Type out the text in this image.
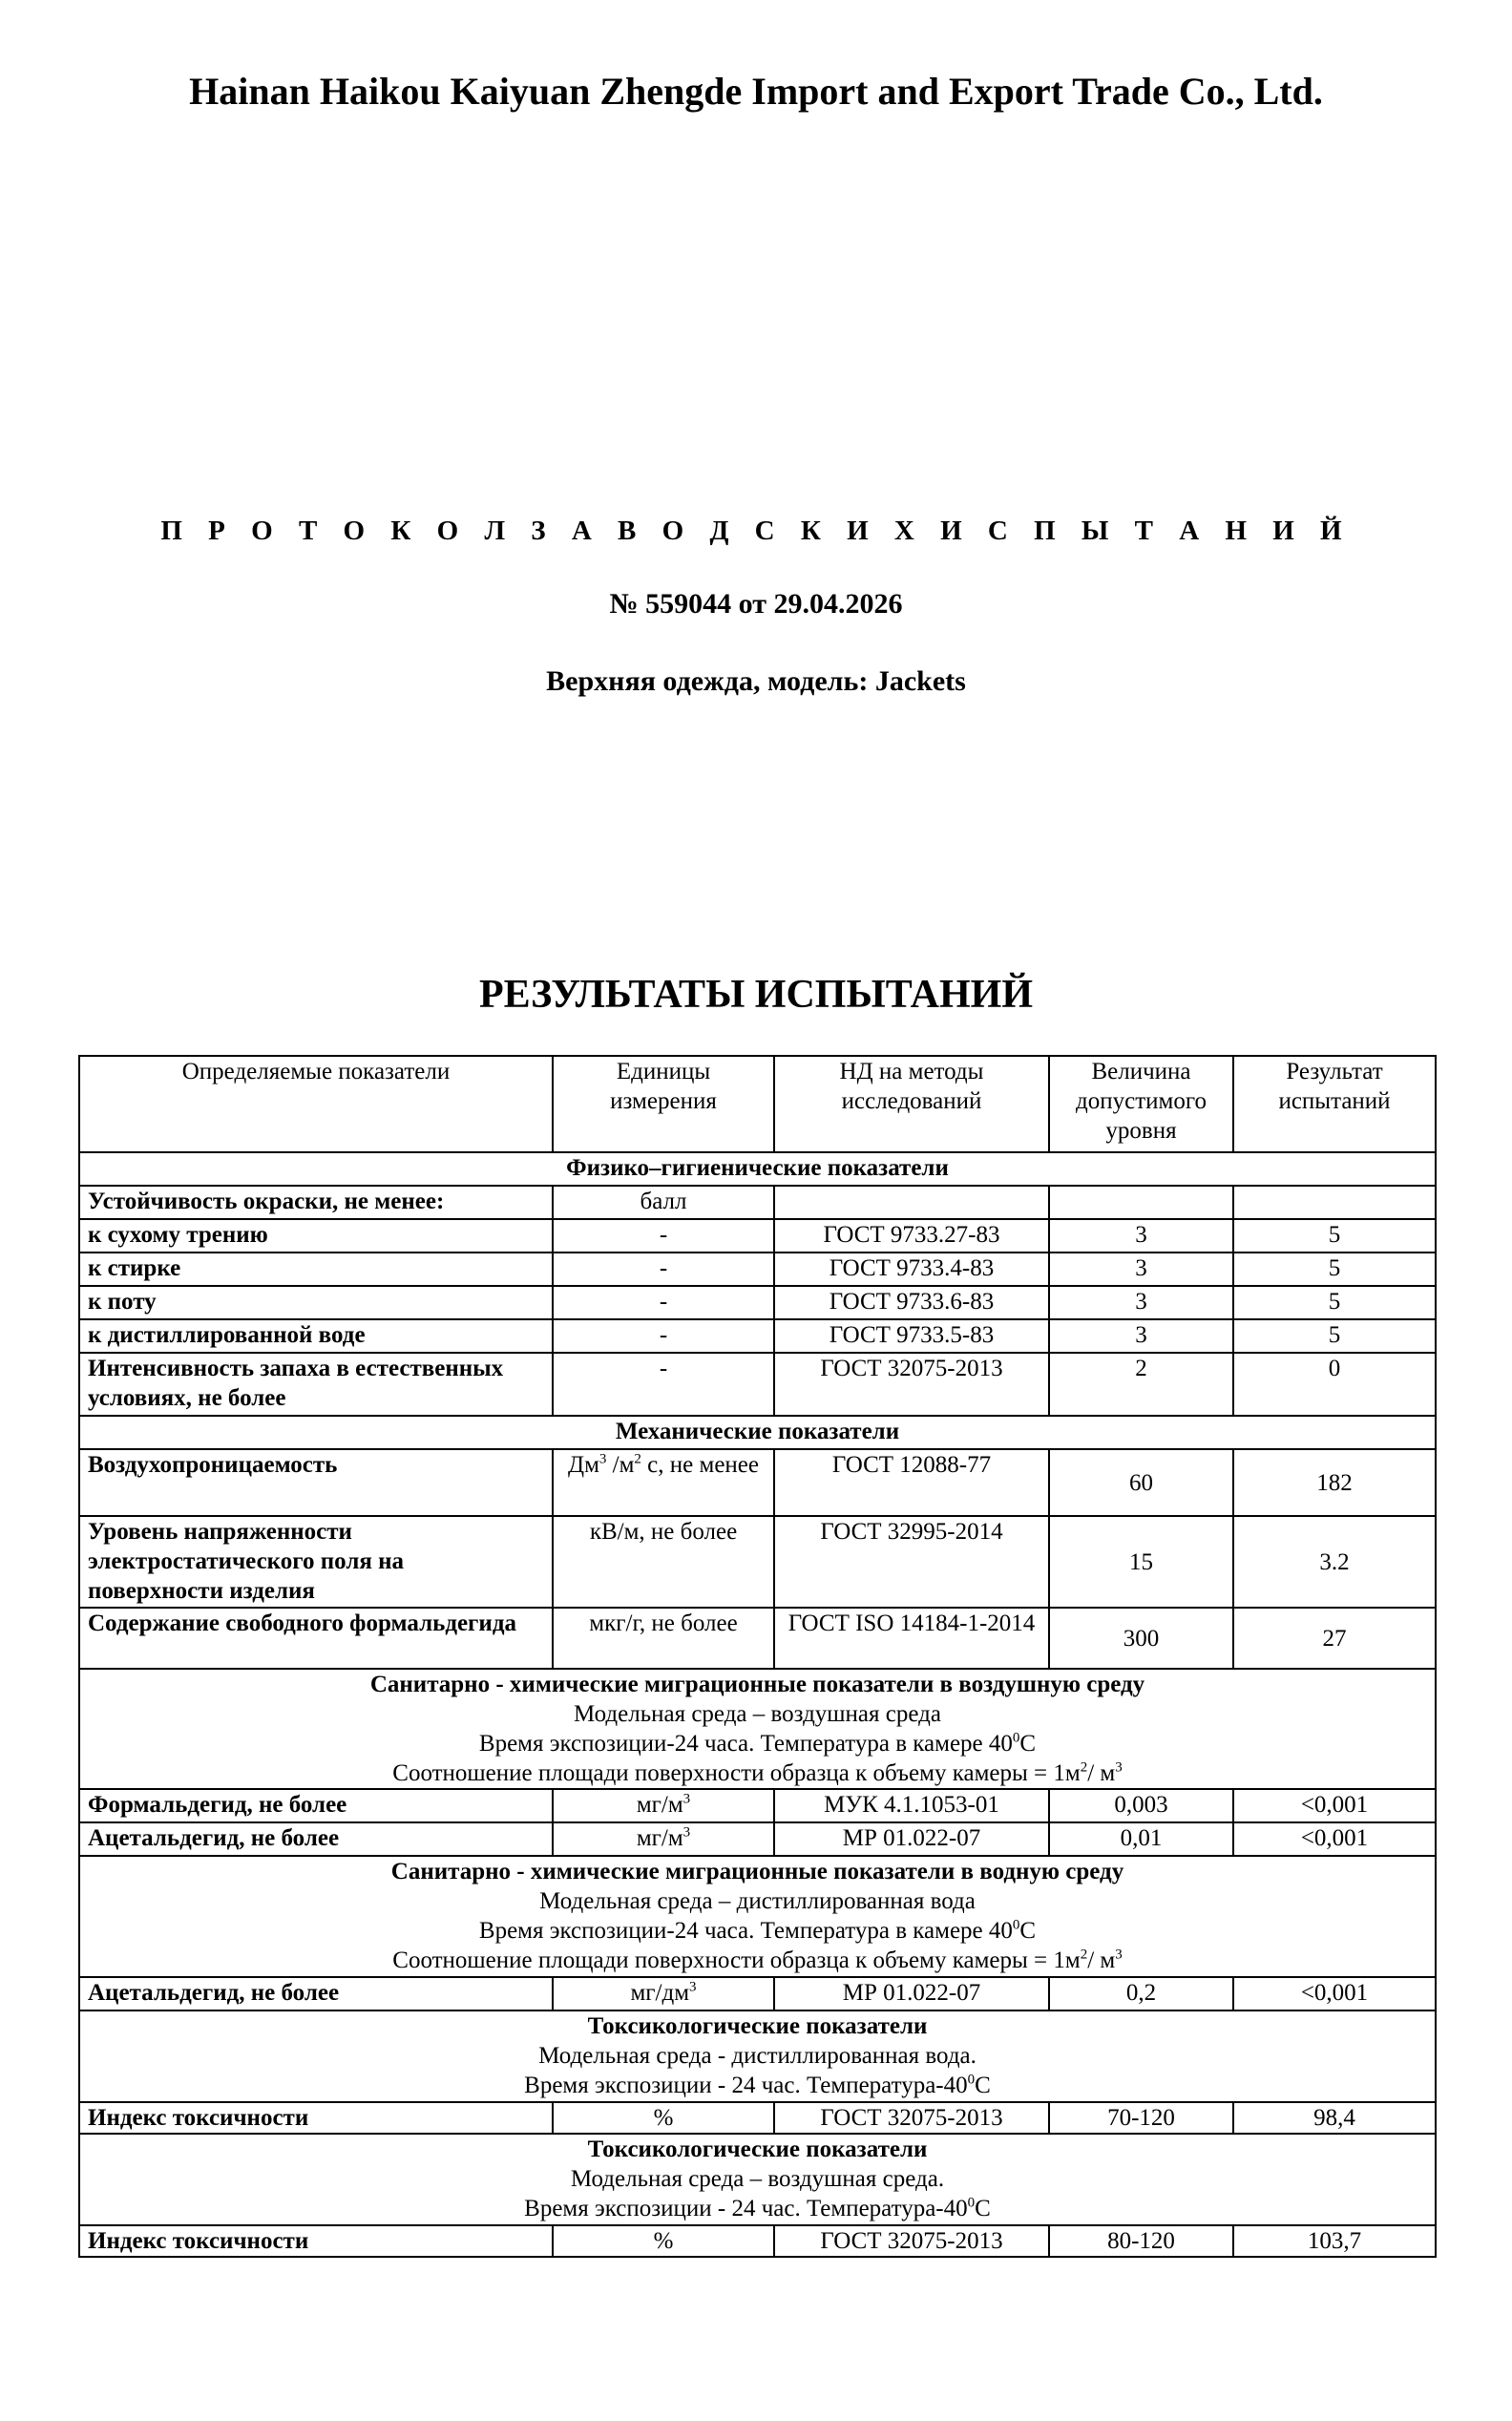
Hainan Haikou Kaiyuan Zhengde Import and Export Trade Co., Ltd.
П Р О Т О К О Л З А В О Д С К И Х И С П Ы Т А Н И Й
№ 559044 от 29.04.2026
Верхняя одежда, модель: Jackets
РЕЗУЛЬТАТЫ ИСПЫТАНИЙ
Определяемые показатели	Единицы измерения	НД на методы исследований	Величина допустимого уровня	Результат испытаний
Физико–гигиенические показатели				
Устойчивость окраски, не менее:	балл			
к сухому трению	-	ГОСТ 9733.27-83	3	5
к стирке	-	ГОСТ 9733.4-83	3	5
к поту	-	ГОСТ 9733.6-83	3	5
к дистиллированной воде	-	ГОСТ 9733.5-83	3	5
Интенсивность запаха в естественных условиях, не более	-	ГОСТ 32075-2013	2	0
Механические показатели				
Воздухопроницаемость	$Дм^3$ $/м^2$ с, не менее	ГОСТ 12088-77	60	182
Уровень напряженности электростатического поля на поверхности изделия	кВ/м, не более	ГОСТ 32995-2014	15	3.2
Содержание свободного формальдегида	мкг/г, не более	ГОСТ ISO 14184-1-2014	300	27

Санитарно - химические миграционные показатели в воздушную среду
Модельная среда – воздушная среда
Время экспозиции-24 часа. Температура в камере $40^0С$
Соотношение площади поверхности образца к объему камеры = $1м^2/$ $м^3$

Формальдегид, не более	$мг/м^3$	МУК 4.1.1053-01	0,003	<0,001
Ацетальдегид, не более	$мг/м^3$	МР 01.022-07	0,01	<0,001

Санитарно - химические миграционные показатели в водную среду
Модельная среда – дистиллированная вода
Время экспозиции-24 часа. Температура в камере $40^0С$
Соотношение площади поверхности образца к объему камеры = $1м^2/$ $м^3$

Ацетальдегид, не более	$мг/дм^3$	МР 01.022-07	0,2	<0,001

Токсикологические показатели
Модельная среда - дистиллированная вода.
Время экспозиции - 24 час. Температура-$40^0С$				

Индекс токсичности	%	ГОСТ 32075-2013	70-120	98,4

Токсикологические показатели
Модельная среда – воздушная среда.
Время экспозиции - 24 час. Температура-$40^0С$				

Индекс токсичности	%	ГОСТ 32075-2013	80-120	103,7
